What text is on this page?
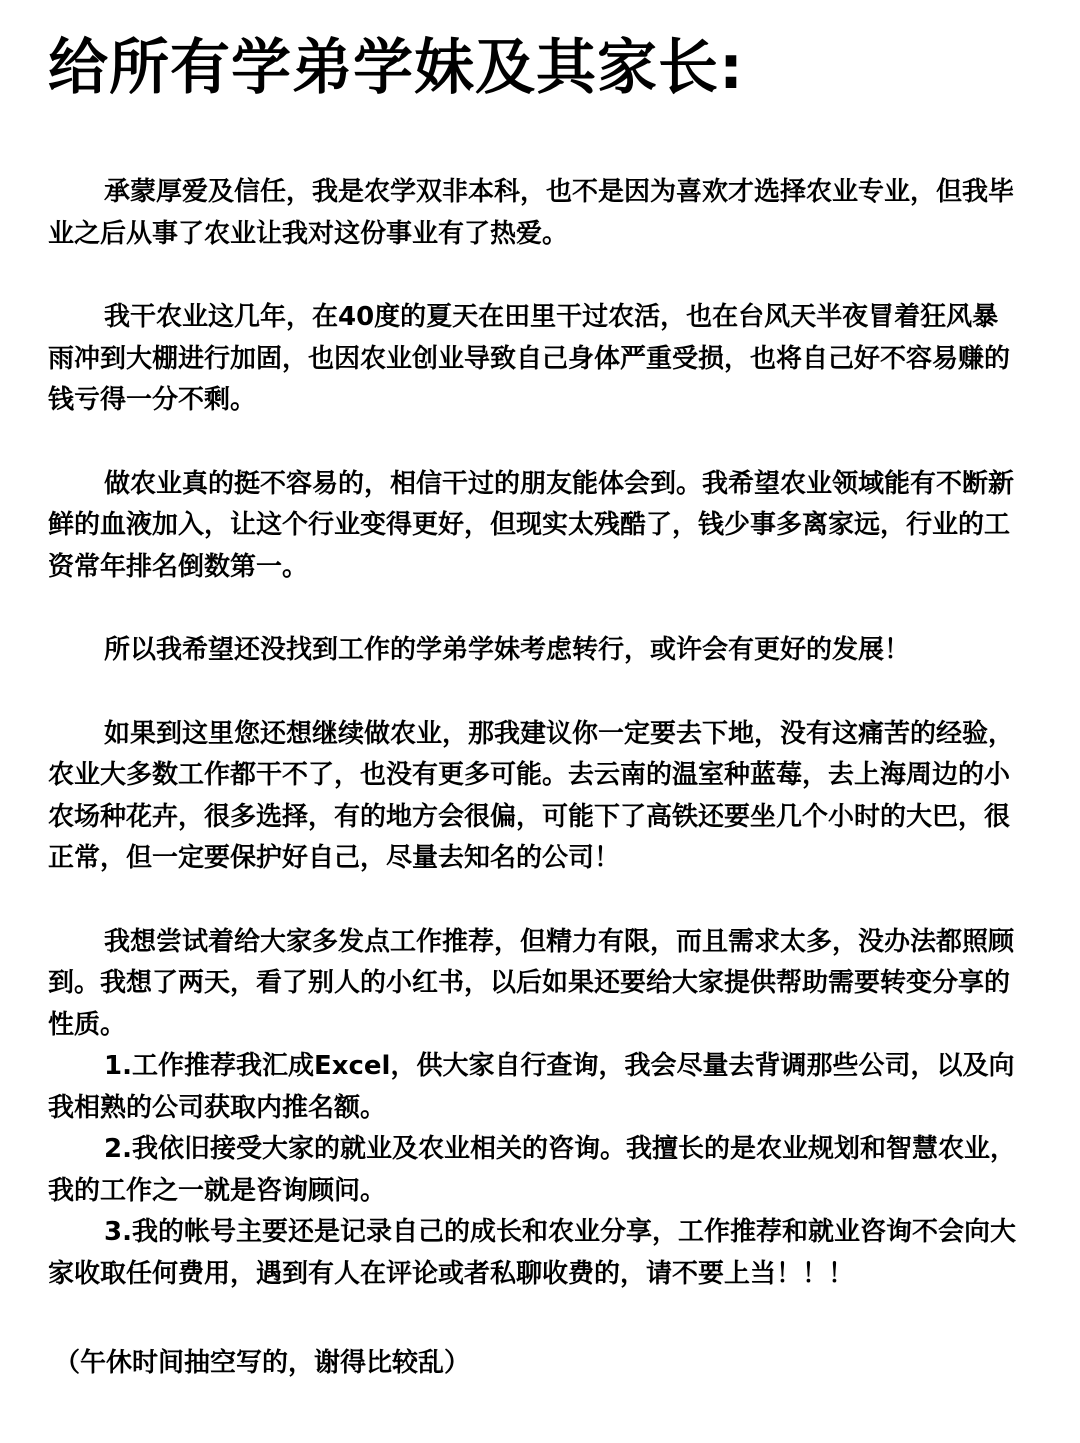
给所有学弟学妹及其家长:

承蒙厚爱及信任，我是农学双非本科，也不是因为喜欢才选择农业专业，但我毕业之后从事了农业让我对这份事业有了热爱。

我干农业这几年，在40度的夏天在田里干过农活，也在台风天半夜冒着狂风暴雨冲到大棚进行加固，也因农业创业导致自己身体严重受损，也将自己好不容易赚的钱亏得一分不剩。

做农业真的挺不容易的，相信干过的朋友能体会到。我希望农业领域能有不断新鲜的血液加入，让这个行业变得更好，但现实太残酷了，钱少事多离家远，行业的工资常年排名倒数第一。

所以我希望还没找到工作的学弟学妹考虑转行，或许会有更好的发展！

如果到这里您还想继续做农业，那我建议你一定要去下地，没有这痛苦的经验，农业大多数工作都干不了，也没有更多可能。去云南的温室种蓝莓，去上海周边的小农场种花卉，很多选择，有的地方会很偏，可能下了高铁还要坐几个小时的大巴，很正常，但一定要保护好自己，尽量去知名的公司！

我想尝试着给大家多发点工作推荐，但精力有限，而且需求太多，没办法都照顾到。我想了两天，看了别人的小红书，以后如果还要给大家提供帮助需要转变分享的性质。

1.工作推荐我汇成Excel，供大家自行查询，我会尽量去背调那些公司，以及向我相熟的公司获取内推名额。

2.我依旧接受大家的就业及农业相关的咨询。我擅长的是农业规划和智慧农业，我的工作之一就是咨询顾问。

3.我的帐号主要还是记录自己的成长和农业分享，工作推荐和就业咨询不会向大家收取任何费用，遇到有人在评论或者私聊收费的，请不要上当！！！

（午休时间抽空写的，谢得比较乱）
